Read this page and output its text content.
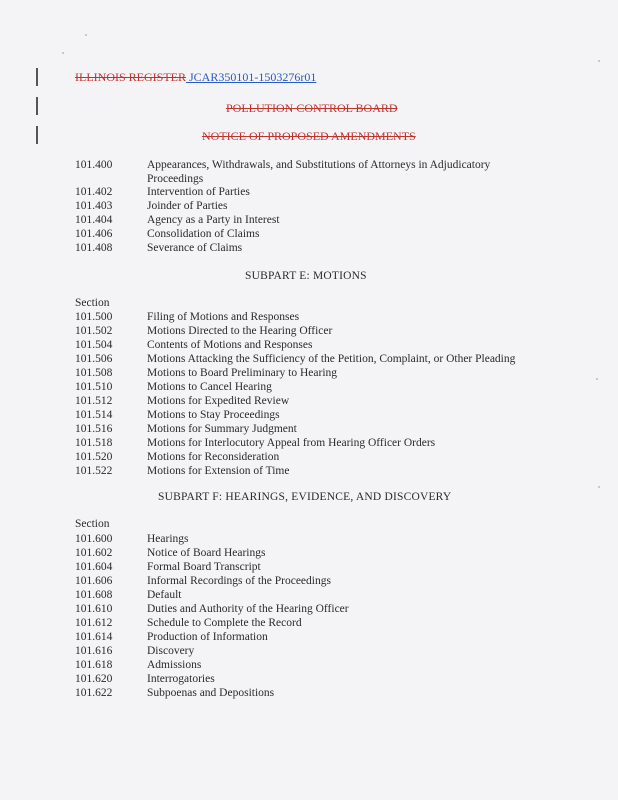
ILLINOIS REGISTER JCAR350101-1503276r01
POLLUTION CONTROL BOARD
NOTICE OF PROPOSED AMENDMENTS
101.400	Appearances, Withdrawals, and Substitutions of Attorneys in Adjudicatory
Proceedings
101.402	Intervention of Parties
101.403	Joinder of Parties
101.404	Agency as a Party in Interest
101.406	Consolidation of Claims
101.408	Severance of Claims
SUBPART E: MOTIONS
Section
101.500	Filing of Motions and Responses
101.502	Motions Directed to the Hearing Officer
101.504	Contents of Motions and Responses
101.506	Motions Attacking the Sufficiency of the Petition, Complaint, or Other Pleading
101.508	Motions to Board Preliminary to Hearing
101.510	Motions to Cancel Hearing
101.512	Motions for Expedited Review
101.514	Motions to Stay Proceedings
101.516	Motions for Summary Judgment
101.518	Motions for Interlocutory Appeal from Hearing Officer Orders
101.520	Motions for Reconsideration
101.522	Motions for Extension of Time
SUBPART F: HEARINGS, EVIDENCE, AND DISCOVERY
Section
101.600	Hearings
101.602	Notice of Board Hearings
101.604	Formal Board Transcript
101.606	Informal Recordings of the Proceedings
101.608	Default
101.610	Duties and Authority of the Hearing Officer
101.612	Schedule to Complete the Record
101.614	Production of Information
101.616	Discovery
101.618	Admissions
101.620	Interrogatories
101.622	Subpoenas and Depositions
